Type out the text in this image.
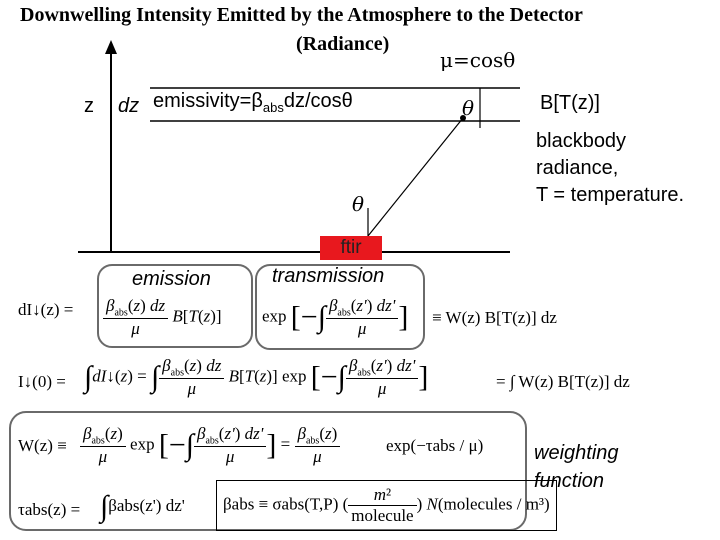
Downwelling Intensity Emitted by the Atmosphere to the Detector
(Radiance)
μ=cosθ
z dz $emissivity=\beta_{abs}dz$/cosθ	θ
θ
B[T(z)]
blackbody
radiance,
T = temperature.
ftir
emission	transmission
dI↓(z) = $\frac{\beta_{abs}(z) dz}{\mu} B[T(z)]$ exp [−∫ $\frac{\beta_{abs}(z') dz'}{\mu}$ ] ≡ W(z) B[T(z)] dz
I↓(0) = ∫dI↓(z) = ∫ $\frac{\beta_{abs}(z) dz}{\mu} B[T(z)]$ exp [−∫ $\frac{\beta_{abs}(z') dz'}{\mu}$ ]	= ∫ W(z) B[T(z)] dz
$W(z) \equiv \frac{\beta_{abs}(z)}{\mu}$ exp [−∫ $\frac{\beta_{abs}(z') dz'}{\mu}$ ] = $\frac{\beta_{abs}(z)}{\mu}$	exp(−τabs / μ)
τabs(z) = ∫βabs(z') dz'	βabs ≡ σabs(T,P) ( $\frac{\text{m²}}{\text{molecule}}$ ) N(molecules / m³)
weighting
function
